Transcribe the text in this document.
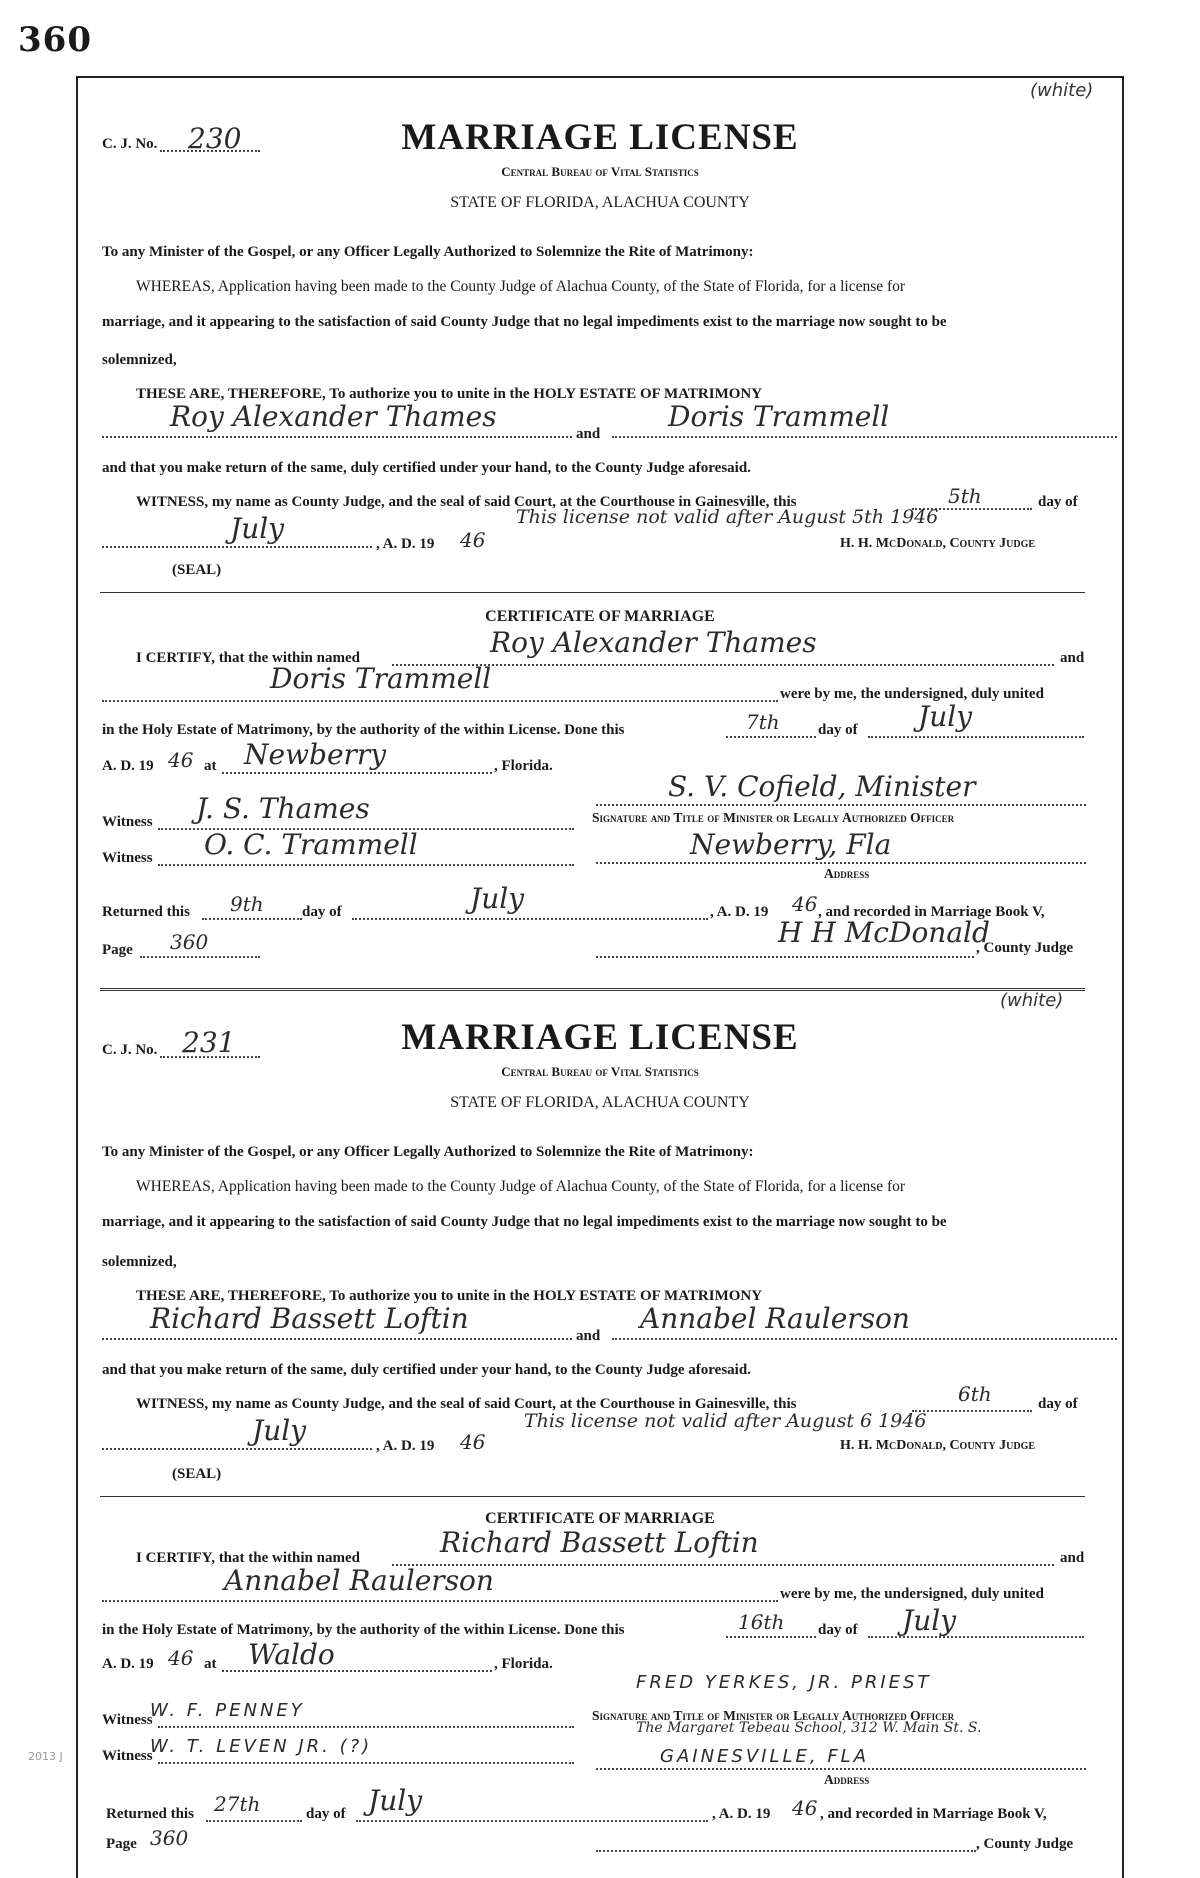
360
2013 J
(white)
C. J. No. 230	MARRIAGE LICENSE
Central Bureau of Vital Statistics
STATE OF FLORIDA, ALACHUA COUNTY
To any Minister of the Gospel, or any Officer Legally Authorized to Solemnize the Rite of Matrimony:
WHEREAS, Application having been made to the County Judge of Alachua County, of the State of Florida, for a license for
marriage, and it appearing to the satisfaction of said County Judge that no legal impediments exist to the marriage now sought to be
solemnized,
THESE ARE, THEREFORE, To authorize you to unite in the HOLY ESTATE OF MATRIMONY
Roy Alexander Thames
and
Doris Trammell
and that you make return of the same, duly certified under your hand, to the County Judge aforesaid.
WITNESS, my name as County Judge, and the seal of said Court, at the Courthouse in Gainesville, this	5th	day of
July	, A. D. 19 46
This license not valid after August 5th 1946
H. H. McDonald, County Judge
(SEAL)
CERTIFICATE OF MARRIAGE
I CERTIFY, that the within named	Roy Alexander Thames	and
Doris Trammell	were by me, the undersigned, duly united
in the Holy Estate of Matrimony, by the authority of the within License. Done this	7th	day of July
A. D. 19 46 at Newberry	, Florida.
Witness J. S. Thames
S. V. Cofield, Minister
Signature and Title of Minister or Legally Authorized Officer
Witness O. C. Trammell	Newberry, Fla
Address
Returned this 9th	day of	July	, A. D. 19 46 , and recorded in Marriage Book V,
Page 360	H H McDonald
, County Judge
(white)
C. J. No. 231	MARRIAGE LICENSE
Central Bureau of Vital Statistics
STATE OF FLORIDA, ALACHUA COUNTY
To any Minister of the Gospel, or any Officer Legally Authorized to Solemnize the Rite of Matrimony:
WHEREAS, Application having been made to the County Judge of Alachua County, of the State of Florida, for a license for
marriage, and it appearing to the satisfaction of said County Judge that no legal impediments exist to the marriage now sought to be
solemnized,
THESE ARE, THEREFORE, To authorize you to unite in the HOLY ESTATE OF MATRIMONY
Richard Bassett Loftin
and
Annabel Raulerson
and that you make return of the same, duly certified under your hand, to the County Judge aforesaid.
WITNESS, my name as County Judge, and the seal of said Court, at the Courthouse in Gainesville, this	6th	day of
July	, A. D. 19 46
This license not valid after August 6 1946
H. H. McDonald, County Judge
(SEAL)
CERTIFICATE OF MARRIAGE
I CERTIFY, that the within named	Richard Bassett Loftin	and
Annabel Raulerson	were by me, the undersigned, duly united
in the Holy Estate of Matrimony, by the authority of the within License. Done this	16th day of July
A. D. 19 46 at Waldo	, Florida.
Witness
W. F. PENNEY
FRED YERKES, JR. PRIEST
Signature and Title of Minister or Legally Authorized Officer
The Margaret Tebeau School, 312 W. Main St. S.
Witness
W. T. LEVEN JR. (?)	GAINESVILLE, FLA
Address
Returned this 27th	day of July	, A. D. 19 46 , and recorded in Marriage Book V,
Page 360	, County Judge
